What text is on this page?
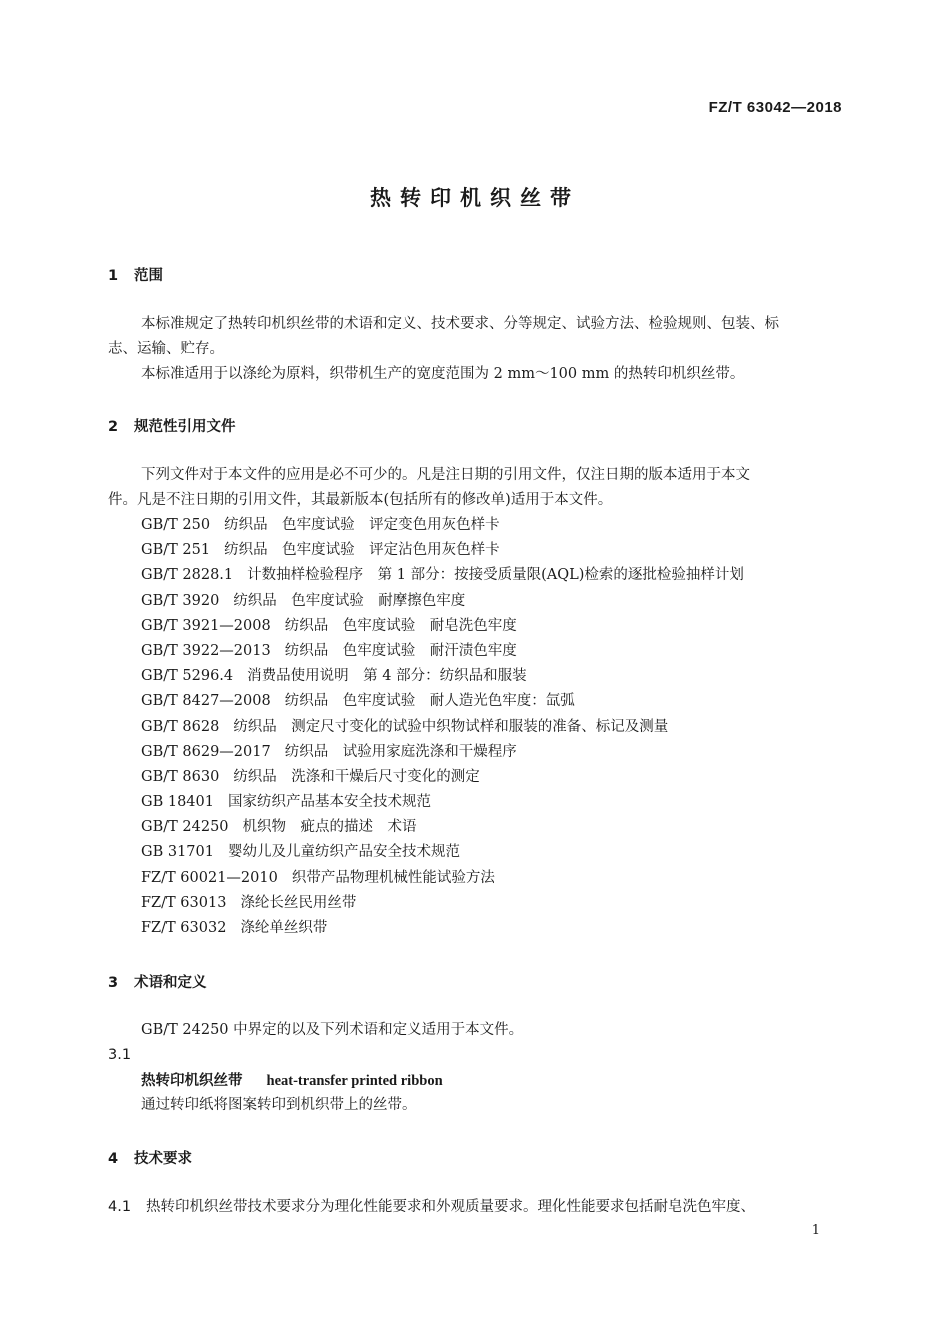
FZ/T 63042—2018
热转印机织丝带
1 范围
本标准规定了热转印机织丝带的术语和定义、技术要求、分等规定、试验方法、检验规则、包装、标
志、运输、贮存。
本标准适用于以涤纶为原料，织带机生产的宽度范围为 2 mm～100 mm 的热转印机织丝带。
2 规范性引用文件
下列文件对于本文件的应用是必不可少的。凡是注日期的引用文件，仅注日期的版本适用于本文
件。凡是不注日期的引用文件，其最新版本(包括所有的修改单)适用于本文件。
GB/T 250 纺织品　色牢度试验　评定变色用灰色样卡
GB/T 251 纺织品　色牢度试验　评定沾色用灰色样卡
GB/T 2828.1 计数抽样检验程序　第 1 部分：按接受质量限(AQL)检索的逐批检验抽样计划
GB/T 3920 纺织品　色牢度试验　耐摩擦色牢度
GB/T 3921—2008 纺织品　色牢度试验　耐皂洗色牢度
GB/T 3922—2013 纺织品　色牢度试验　耐汗渍色牢度
GB/T 5296.4 消费品使用说明　第 4 部分：纺织品和服装
GB/T 8427—2008 纺织品　色牢度试验　耐人造光色牢度：氙弧
GB/T 8628 纺织品　测定尺寸变化的试验中织物试样和服装的准备、标记及测量
GB/T 8629—2017 纺织品　试验用家庭洗涤和干燥程序
GB/T 8630 纺织品　洗涤和干燥后尺寸变化的测定
GB 18401 国家纺织产品基本安全技术规范
GB/T 24250 机织物　疵点的描述　术语
GB 31701 婴幼儿及儿童纺织产品安全技术规范
FZ/T 60021—2010 织带产品物理机械性能试验方法
FZ/T 63013 涤纶长丝民用丝带
FZ/T 63032 涤纶单丝织带
3 术语和定义
GB/T 24250 中界定的以及下列术语和定义适用于本文件。
3.1
热转印机织丝带 heat-transfer printed ribbon
通过转印纸将图案转印到机织带上的丝带。
4 技术要求
4.1 热转印机织丝带技术要求分为理化性能要求和外观质量要求。理化性能要求包括耐皂洗色牢度、
1
